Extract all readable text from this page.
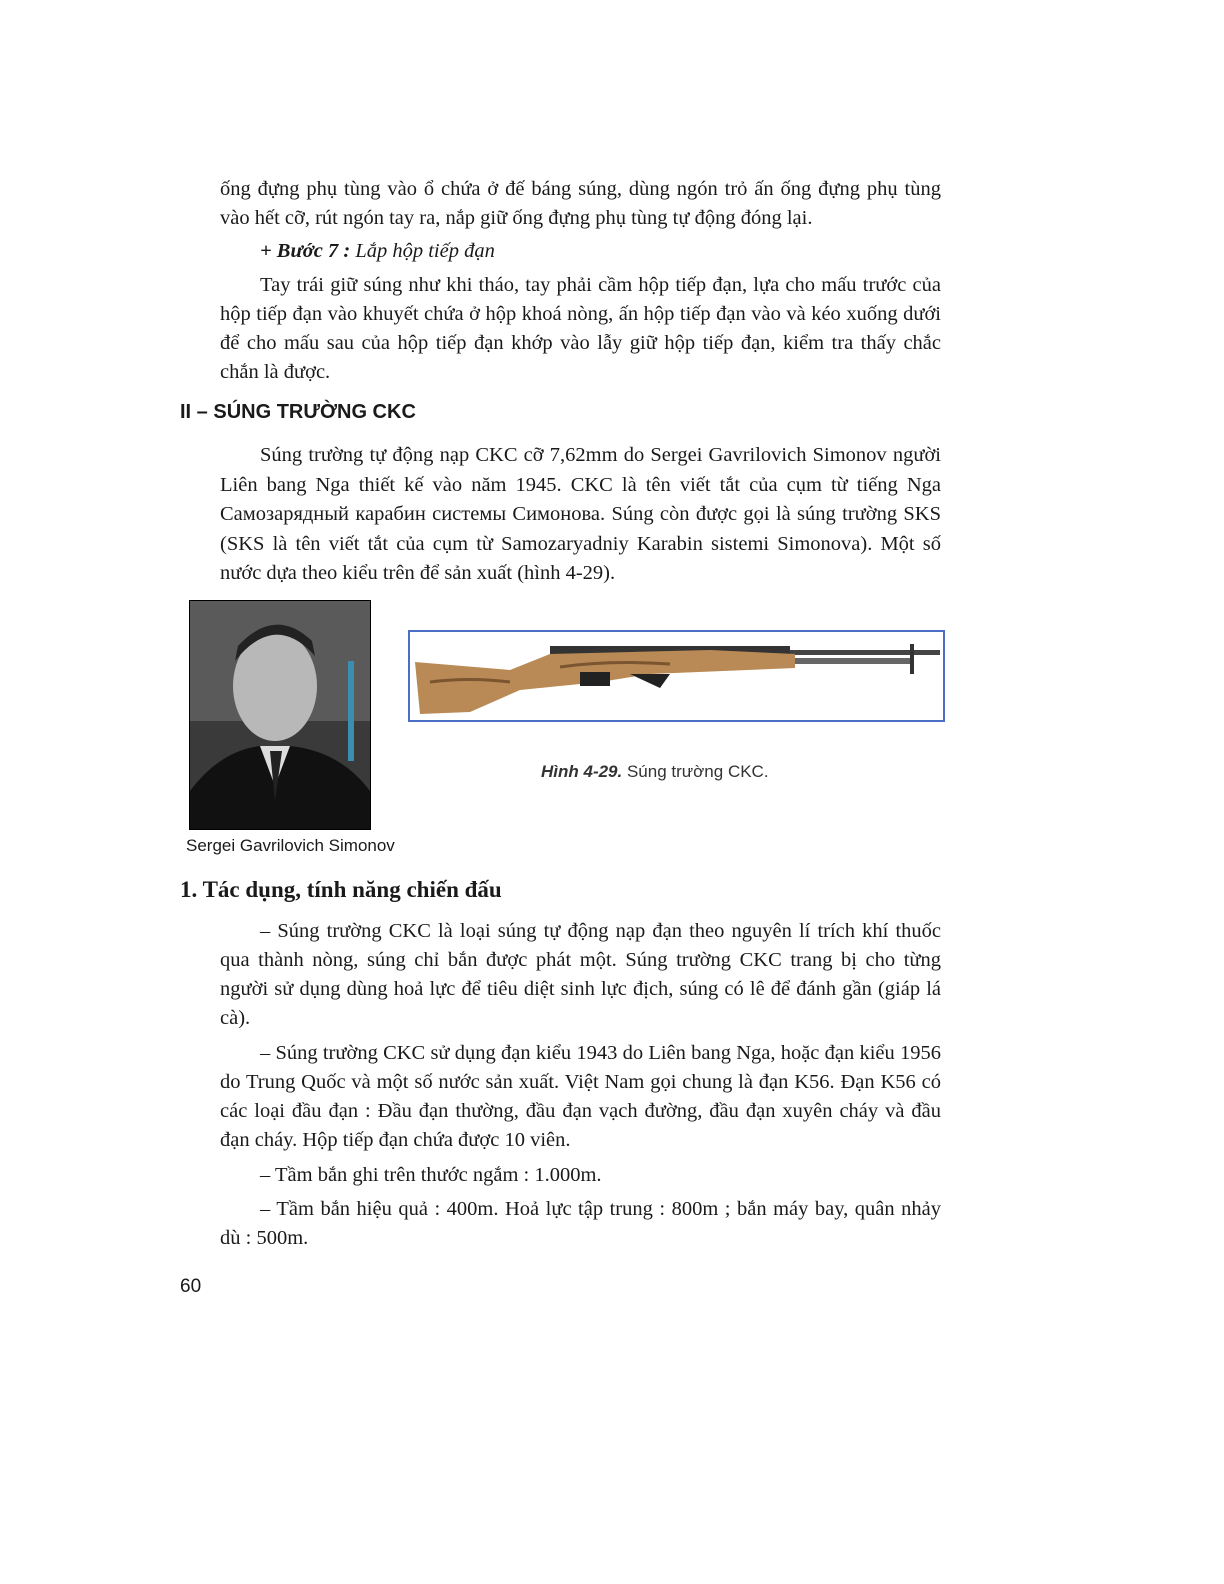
ống đựng phụ tùng vào ổ chứa ở đế báng súng, dùng ngón trỏ ấn ống đựng phụ tùng vào hết cỡ, rút ngón tay ra, nắp giữ ống đựng phụ tùng tự động đóng lại.

+ Bước 7 : Lắp hộp tiếp đạn

Tay trái giữ súng như khi tháo, tay phải cầm hộp tiếp đạn, lựa cho mấu trước của hộp tiếp đạn vào khuyết chứa ở hộp khoá nòng, ấn hộp tiếp đạn vào và kéo xuống dưới để cho mấu sau của hộp tiếp đạn khớp vào lẫy giữ hộp tiếp đạn, kiểm tra thấy chắc chắn là được.

II – SÚNG TRƯỜNG CKC

Súng trường tự động nạp CKC cỡ 7,62mm do Sergei Gavrilovich Simonov người Liên bang Nga thiết kế vào năm 1945. CKC là tên viết tắt của cụm từ tiếng Nga Самозарядный карабин системы Симонова. Súng còn được gọi là súng trường SKS (SKS là tên viết tắt của cụm từ Samozaryadniy Karabin sistemi Simonova). Một số nước dựa theo kiểu trên để sản xuất (hình 4-29).

Sergei Gavrilovich Simonov
Hình 4-29. Súng trường CKC.
1. Tác dụng, tính năng chiến đấu

– Súng trường CKC là loại súng tự động nạp đạn theo nguyên lí trích khí thuốc qua thành nòng, súng chỉ bắn được phát một. Súng trường CKC trang bị cho từng người sử dụng dùng hoả lực để tiêu diệt sinh lực địch, súng có lê để đánh gần (giáp lá cà).

– Súng trường CKC sử dụng đạn kiểu 1943 do Liên bang Nga, hoặc đạn kiểu 1956 do Trung Quốc và một số nước sản xuất. Việt Nam gọi chung là đạn K56. Đạn K56 có các loại đầu đạn : Đầu đạn thường, đầu đạn vạch đường, đầu đạn xuyên cháy và đầu đạn cháy. Hộp tiếp đạn chứa được 10 viên.

– Tầm bắn ghi trên thước ngắm : 1.000m.

– Tầm bắn hiệu quả : 400m. Hoả lực tập trung : 800m ; bắn máy bay, quân nhảy dù : 500m.

60
